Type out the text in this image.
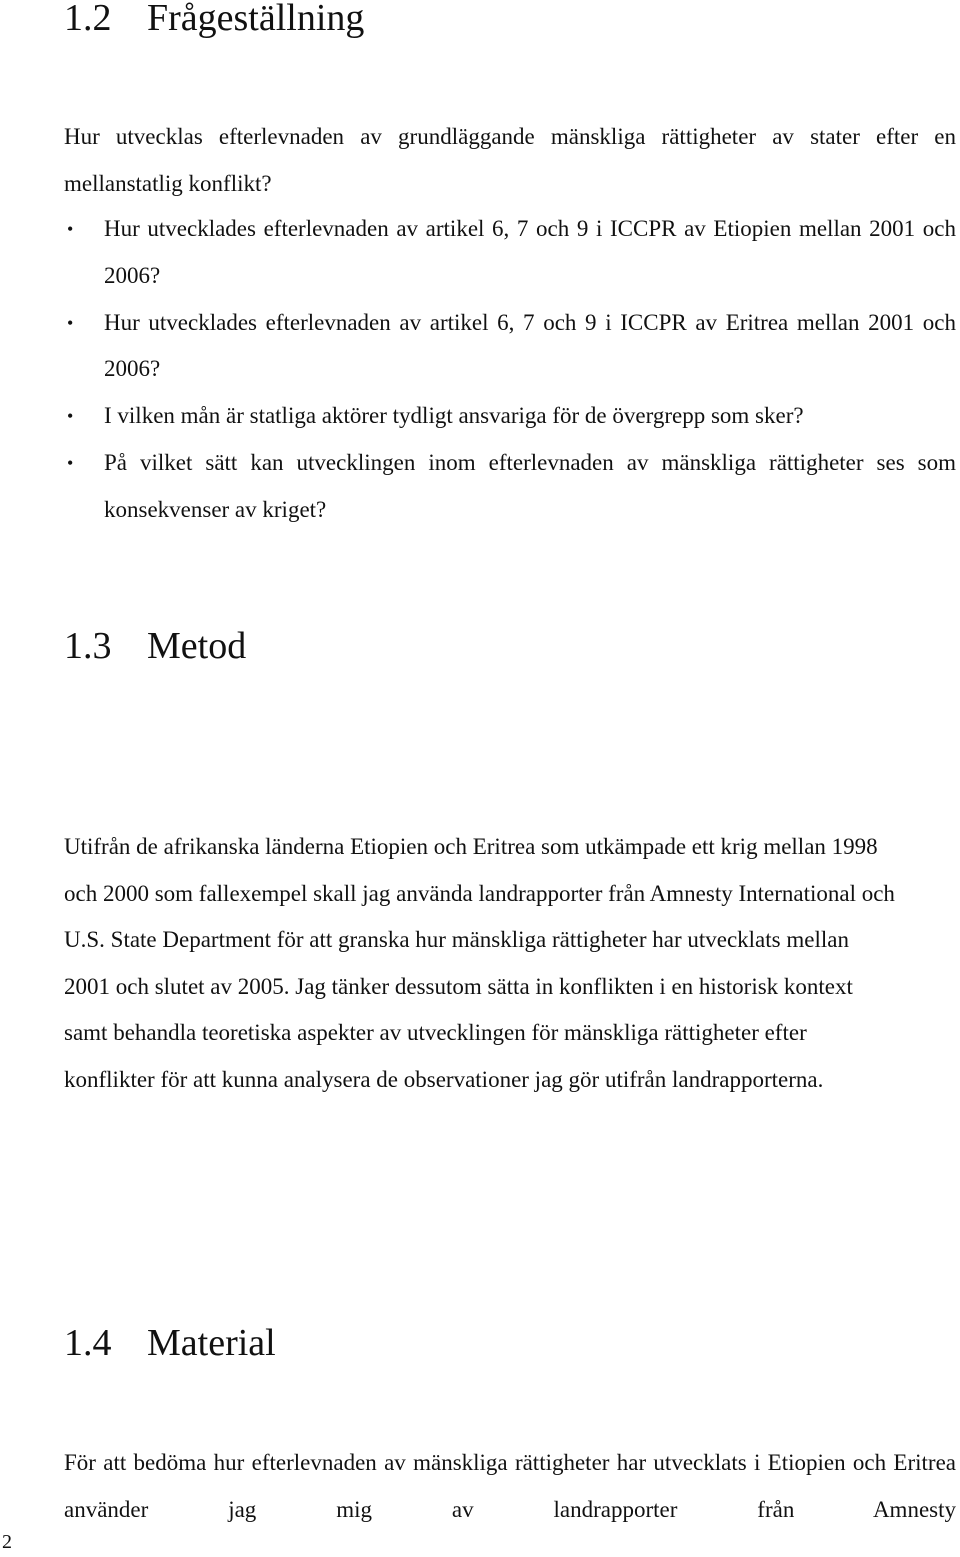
1.2 Frågeställning

Hur utvecklas efterlevnaden av grundläggande mänskliga rättigheter av stater efter en mellanstatlig konflikt?

• Hur utvecklades efterlevnaden av artikel 6, 7 och 9 i ICCPR av Etiopien mellan 2001 och 2006?
• Hur utvecklades efterlevnaden av artikel 6, 7 och 9 i ICCPR av Eritrea mellan 2001 och 2006?
• I vilken mån är statliga aktörer tydligt ansvariga för de övergrepp som sker?
• På vilket sätt kan utvecklingen inom efterlevnaden av mänskliga rättigheter ses som konsekvenser av kriget?
1.3 Metod

Utifrån de afrikanska länderna Etiopien och Eritrea som utkämpade ett krig mellan 1998 och 2000 som fallexempel skall jag använda landrapporter från Amnesty International och U.S. State Department för att granska hur mänskliga rättigheter har utvecklats mellan 2001 och slutet av 2005. Jag tänker dessutom sätta in konflikten i en historisk kontext samt behandla teoretiska aspekter av utvecklingen för mänskliga rättigheter efter konflikter för att kunna analysera de observationer jag gör utifrån landrapporterna.

1.4 Material

För att bedöma hur efterlevnaden av mänskliga rättigheter har utvecklats i Etiopien och Eritrea använder jag mig av landrapporter från Amnesty

2
